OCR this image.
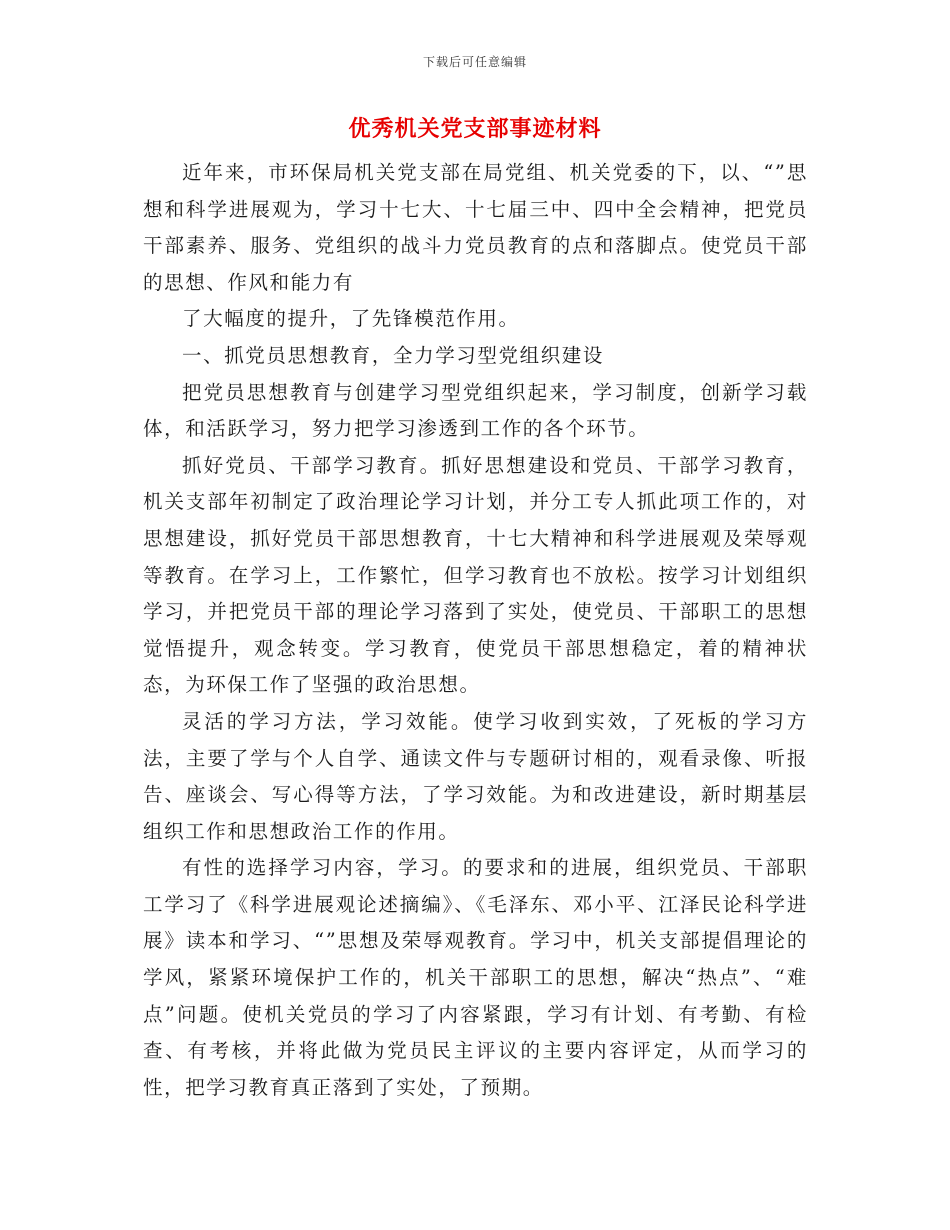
下载后可任意编辑
优秀机关党支部事迹材料

近年来，市环保局机关党支部在局党组、机关党委的下，以、“”思想和科学进展观为，学习十七大、十七届三中、四中全会精神，把党员干部素养、服务、党组织的战斗力党员教育的点和落脚点。使党员干部的思想、作风和能力有

了大幅度的提升，了先锋模范作用。

一、抓党员思想教育，全力学习型党组织建设

把党员思想教育与创建学习型党组织起来，学习制度，创新学习载体，和活跃学习，努力把学习渗透到工作的各个环节。

抓好党员、干部学习教育。抓好思想建设和党员、干部学习教育，机关支部年初制定了政治理论学习计划，并分工专人抓此项工作的，对思想建设，抓好党员干部思想教育，十七大精神和科学进展观及荣辱观等教育。在学习上，工作繁忙，但学习教育也不放松。按学习计划组织学习，并把党员干部的理论学习落到了实处，使党员、干部职工的思想觉悟提升，观念转变。学习教育，使党员干部思想稳定，着的精神状态，为环保工作了坚强的政治思想。

灵活的学习方法，学习效能。使学习收到实效，了死板的学习方法，主要了学与个人自学、通读文件与专题研讨相的，观看录像、听报告、座谈会、写心得等方法，了学习效能。为和改进建设，新时期基层组织工作和思想政治工作的作用。

有性的选择学习内容，学习。的要求和的进展，组织党员、干部职工学习了《科学进展观论述摘编》、《毛泽东、邓小平、江泽民论科学进展》读本和学习、“”思想及荣辱观教育。学习中，机关支部提倡理论的学风，紧紧环境保护工作的，机关干部职工的思想，解决“热点”、“难点”问题。使机关党员的学习了内容紧跟，学习有计划、有考勤、有检查、有考核，并将此做为党员民主评议的主要内容评定，从而学习的性，把学习教育真正落到了实处，了预期。
